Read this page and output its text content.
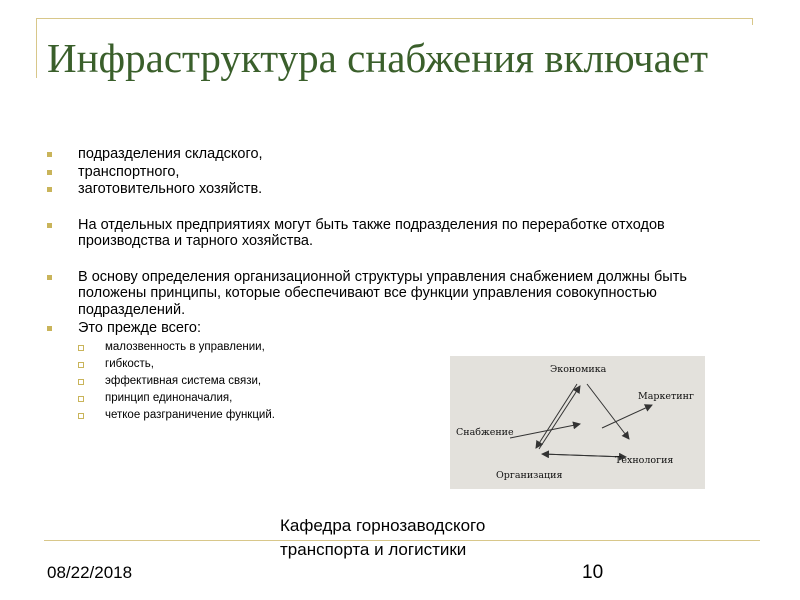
Инфраструктура снабжения включает
подразделения складского,
транспортного,
заготовительного хозяйств.
На отдельных предприятиях могут быть также подразделения по переработке отходов производства и тарного хозяйства.
В основу определения организационной структуры управления снабжением должны быть положены принципы, которые обеспечивают все функции управления совокупностью подразделений.
Это прежде всего:
малозвенность в управлении,
гибкость,
эффективная система связи,
принцип единоначалия,
четкое разграничение функций.
Экономика
Маркетинг
Снабжение
Технология
Организация
08/22/2018
Кафедра горнозаводского транспорта и логистики
10
